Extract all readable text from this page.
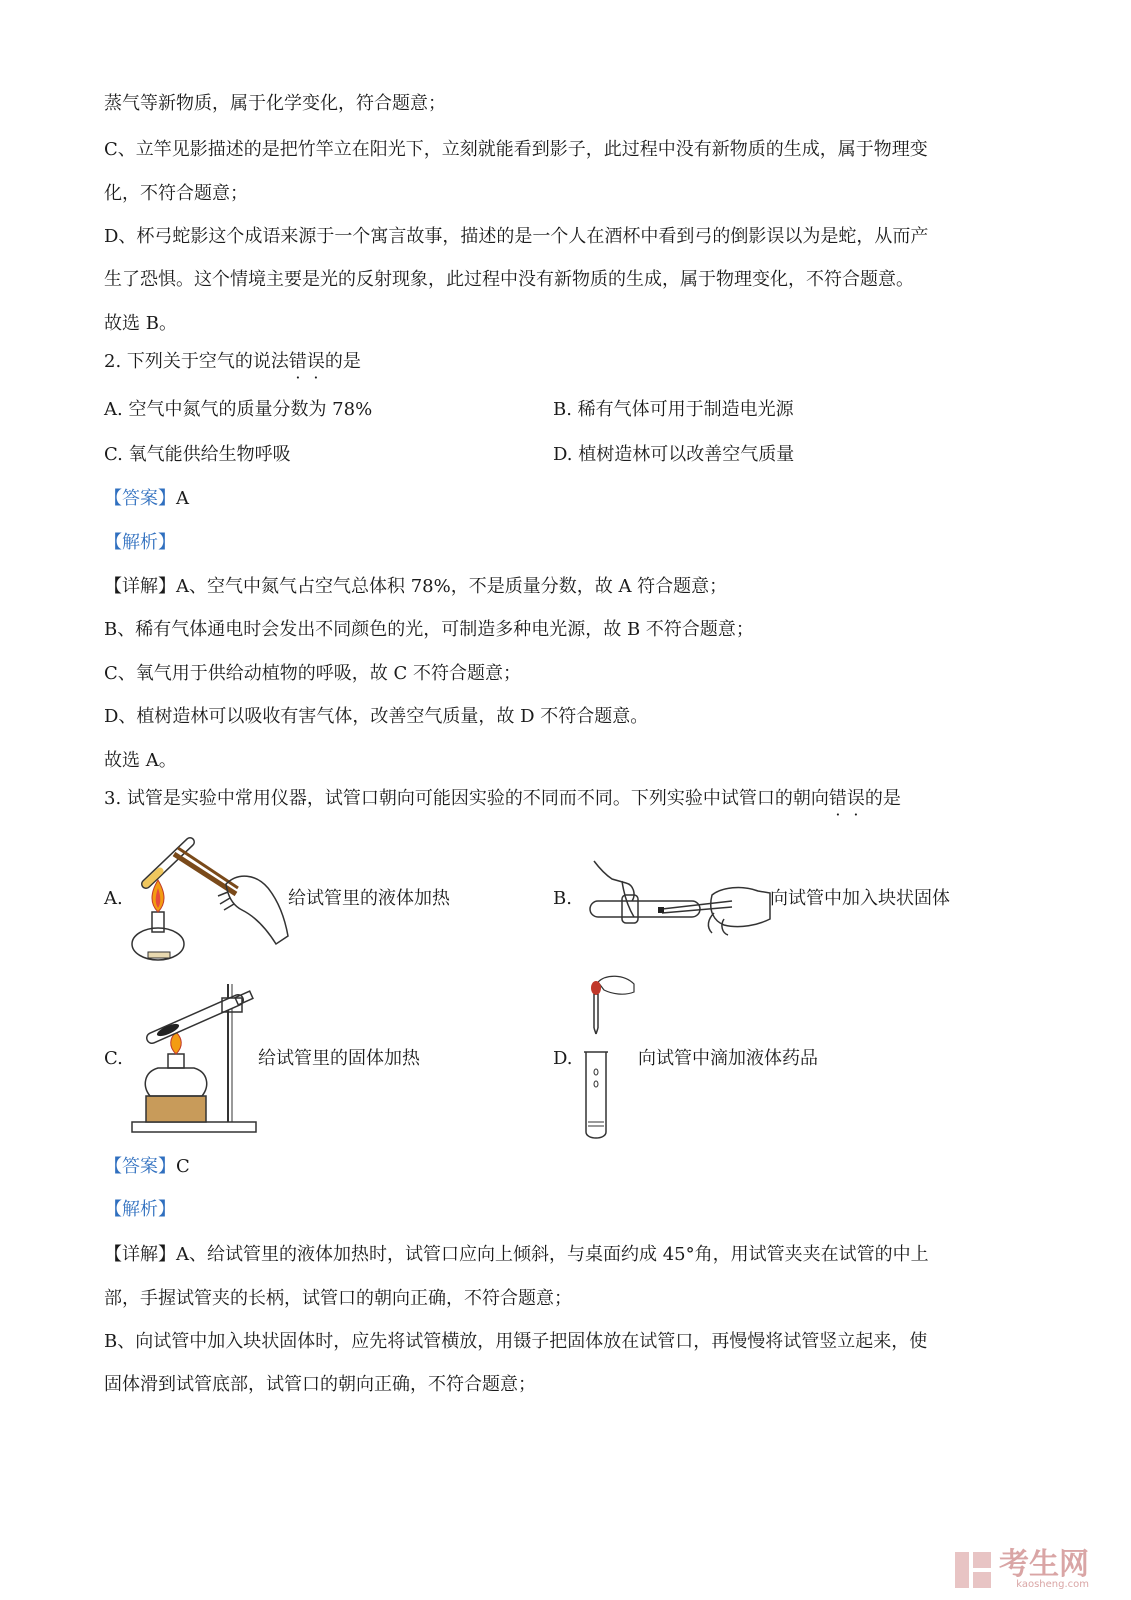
蒸气等新物质，属于化学变化，符合题意；
C、立竿见影描述的是把竹竿立在阳光下，立刻就能看到影子，此过程中没有新物质的生成，属于物理变
化，不符合题意；
D、杯弓蛇影这个成语来源于一个寓言故事，描述的是一个人在酒杯中看到弓的倒影误以为是蛇，从而产
生了恐惧。这个情境主要是光的反射现象，此过程中没有新物质的生成，属于物理变化，不符合题意。
故选 B。
2. 下列关于空气的说法错误的是
A. 空气中氮气的质量分数为 78%	B. 稀有气体可用于制造电光源
C. 氧气能供给生物呼吸	D. 植树造林可以改善空气质量
【答案】A
【解析】
【详解】A、空气中氮气占空气总体积 78%，不是质量分数，故 A 符合题意；
B、稀有气体通电时会发出不同颜色的光，可制造多种电光源，故 B 不符合题意；
C、氧气用于供给动植物的呼吸，故 C 不符合题意；
D、植树造林可以吸收有害气体，改善空气质量，故 D 不符合题意。
故选 A。
3. 试管是实验中常用仪器，试管口朝向可能因实验的不同而不同。下列实验中试管口的朝向错误的是
A.	给试管里的液体加热	B.	向试管中加入块状固体
C.	给试管里的固体加热	D.	向试管中滴加液体药品
【答案】C
【解析】
【详解】A、给试管里的液体加热时，试管口应向上倾斜，与桌面约成 45°角，用试管夹夹在试管的中上
部，手握试管夹的长柄，试管口的朝向正确，不符合题意；
B、向试管中加入块状固体时，应先将试管横放，用镊子把固体放在试管口，再慢慢将试管竖立起来，使
固体滑到试管底部，试管口的朝向正确，不符合题意；
考生网
kaosheng.com
